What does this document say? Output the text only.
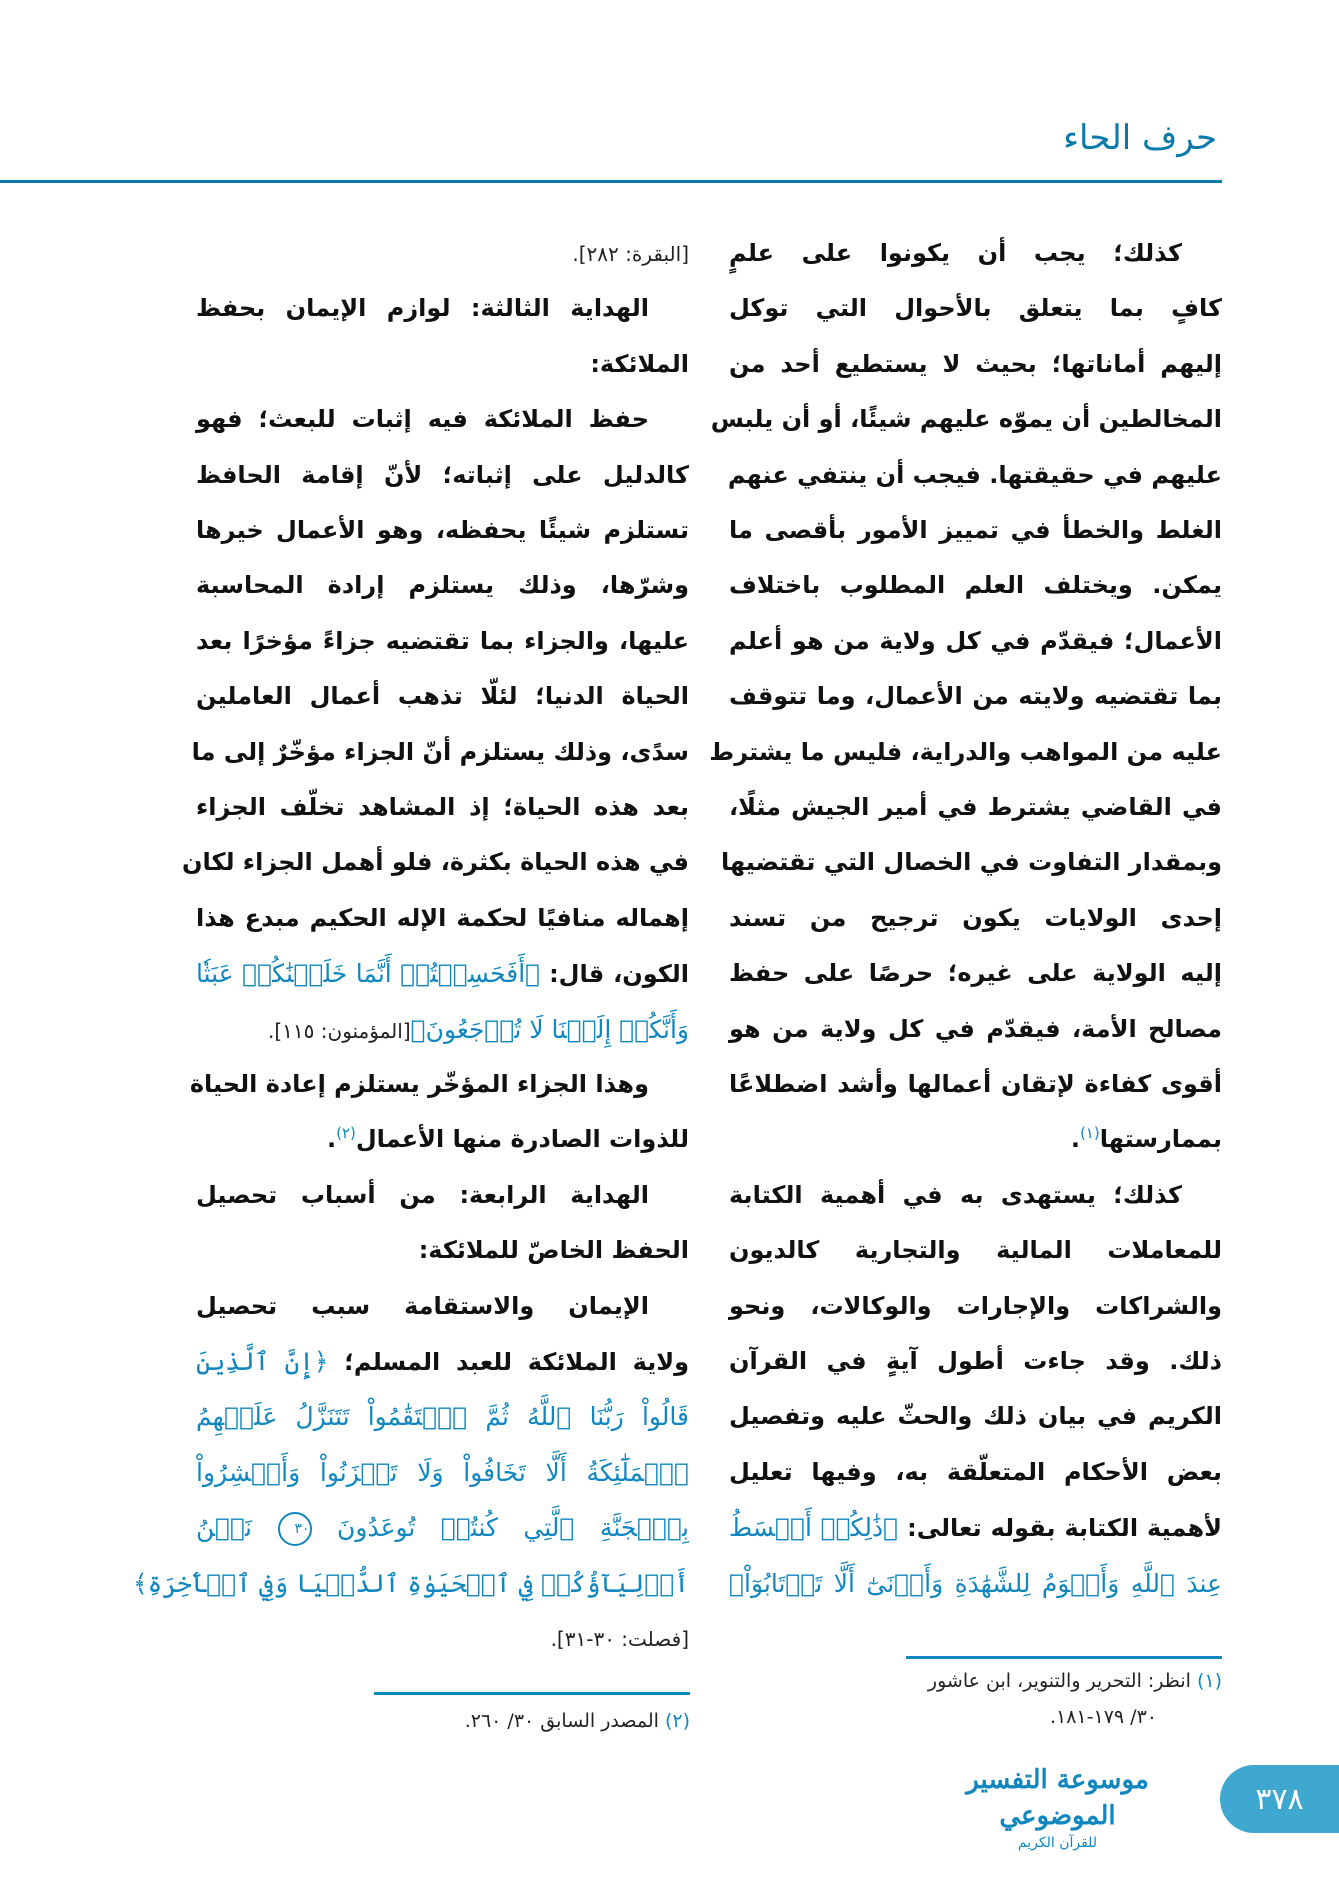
حرف الحاء
كذلك؛ يجب أن يكونوا على علمٍ
كافٍ بما يتعلق بالأحوال التي توكل
إليهم أماناتها؛ بحيث لا يستطيع أحد من
المخالطين أن يموّه عليهم شيئًا، أو أن يلبس
عليهم في حقيقتها. فيجب أن ينتفي عنهم
الغلط والخطأ في تمييز الأمور بأقصى ما
يمكن. ويختلف العلم المطلوب باختلاف
الأعمال؛ فيقدّم في كل ولاية من هو أعلم
بما تقتضيه ولايته من الأعمال، وما تتوقف
عليه من المواهب والدراية، فليس ما يشترط
في القاضي يشترط في أمير الجيش مثلًا،
وبمقدار التفاوت في الخصال التي تقتضيها
إحدى الولايات يكون ترجيح من تسند
إليه الولاية على غيره؛ حرصًا على حفظ
مصالح الأمة، فيقدّم في كل ولاية من هو
أقوى كفاءة لإتقان أعمالها وأشد اضطلاعًا
بممارستها$^{(١)}$.
كذلك؛ يستهدى به في أهمية الكتابة
للمعاملات المالية والتجارية كالديون
والشراكات والإجارات والوكالات، ونحو
ذلك. وقد جاءت أطول آيةٍ في القرآن
الكريم في بيان ذلك والحثّ عليه وتفصيل
بعض الأحكام المتعلّقة به، وفيها تعليل
لأهمية الكتابة بقوله تعالى: ﴿ذَٰلِكُمۡ أَقۡسَطُ
عِندَ ٱللَّهِ وَأَقۡوَمُ لِلشَّهَٰدَةِ وَأَدۡنَىٰٓ أَلَّا تَرۡتَابُوٓاْ﴾
[البقرة: ٢٨٢].
الهداية الثالثة: لوازم الإيمان بحفظ
الملائكة:
حفظ الملائكة فيه إثبات للبعث؛ فهو
كالدليل على إثباته؛ لأنّ إقامة الحافظ
تستلزم شيئًا يحفظه، وهو الأعمال خيرها
وشرّها، وذلك يستلزم إرادة المحاسبة
عليها، والجزاء بما تقتضيه جزاءً مؤخرًا بعد
الحياة الدنيا؛ لئلّا تذهب أعمال العاملين
سدًى، وذلك يستلزم أنّ الجزاء مؤخّرٌ إلى ما
بعد هذه الحياة؛ إذ المشاهد تخلّف الجزاء
في هذه الحياة بكثرة، فلو أهمل الجزاء لكان
إهماله منافيًا لحكمة الإله الحكيم مبدع هذا
الكون، قال: ﴿أَفَحَسِبۡتُمۡ أَنَّمَا خَلَقۡنَٰكُمۡ عَبَثٗا
وَأَنَّكُمۡ إِلَيۡنَا لَا تُرۡجَعُونَ﴾[المؤمنون: ١١٥].
وهذا الجزاء المؤخّر يستلزم إعادة الحياة
للذوات الصادرة منها الأعمال$^{(٢)}$.
الهداية الرابعة: من أسباب تحصيل
الحفظ الخاصّ للملائكة:
الإيمان والاستقامة سبب تحصيل
ولاية الملائكة للعبد المسلم؛ ﴿إِنَّ ٱلَّذِينَ
قَالُواْ رَبُّنَا ٱللَّهُ ثُمَّ ٱسۡتَقَٰمُواْ تَتَنَزَّلُ عَلَيۡهِمُ
ٱلۡمَلَٰٓئِكَةُ أَلَّا تَخَافُواْ وَلَا تَحۡزَنُواْ وَأَبۡشِرُواْ
بِٱلۡجَنَّةِ ٱلَّتِي كُنتُمۡ تُوعَدُونَ ٣٠ نَحۡنُ
أَوۡلِيَآؤُكُمۡ فِي ٱلۡحَيَوٰةِ ٱلدُّنۡيَا وَفِي ٱلۡأٓخِرَةِ﴾
[فصلت: ٣٠-٣١].
(١)انظر: التحرير والتنوير، ابن عاشور
٣٠/ ١٧٩-١٨١.
(٢)المصدر السابق ٣٠/ ٢٦٠.
موسوعة التفسير الموضوعي
للقرآن الكريم
٣٧٨
